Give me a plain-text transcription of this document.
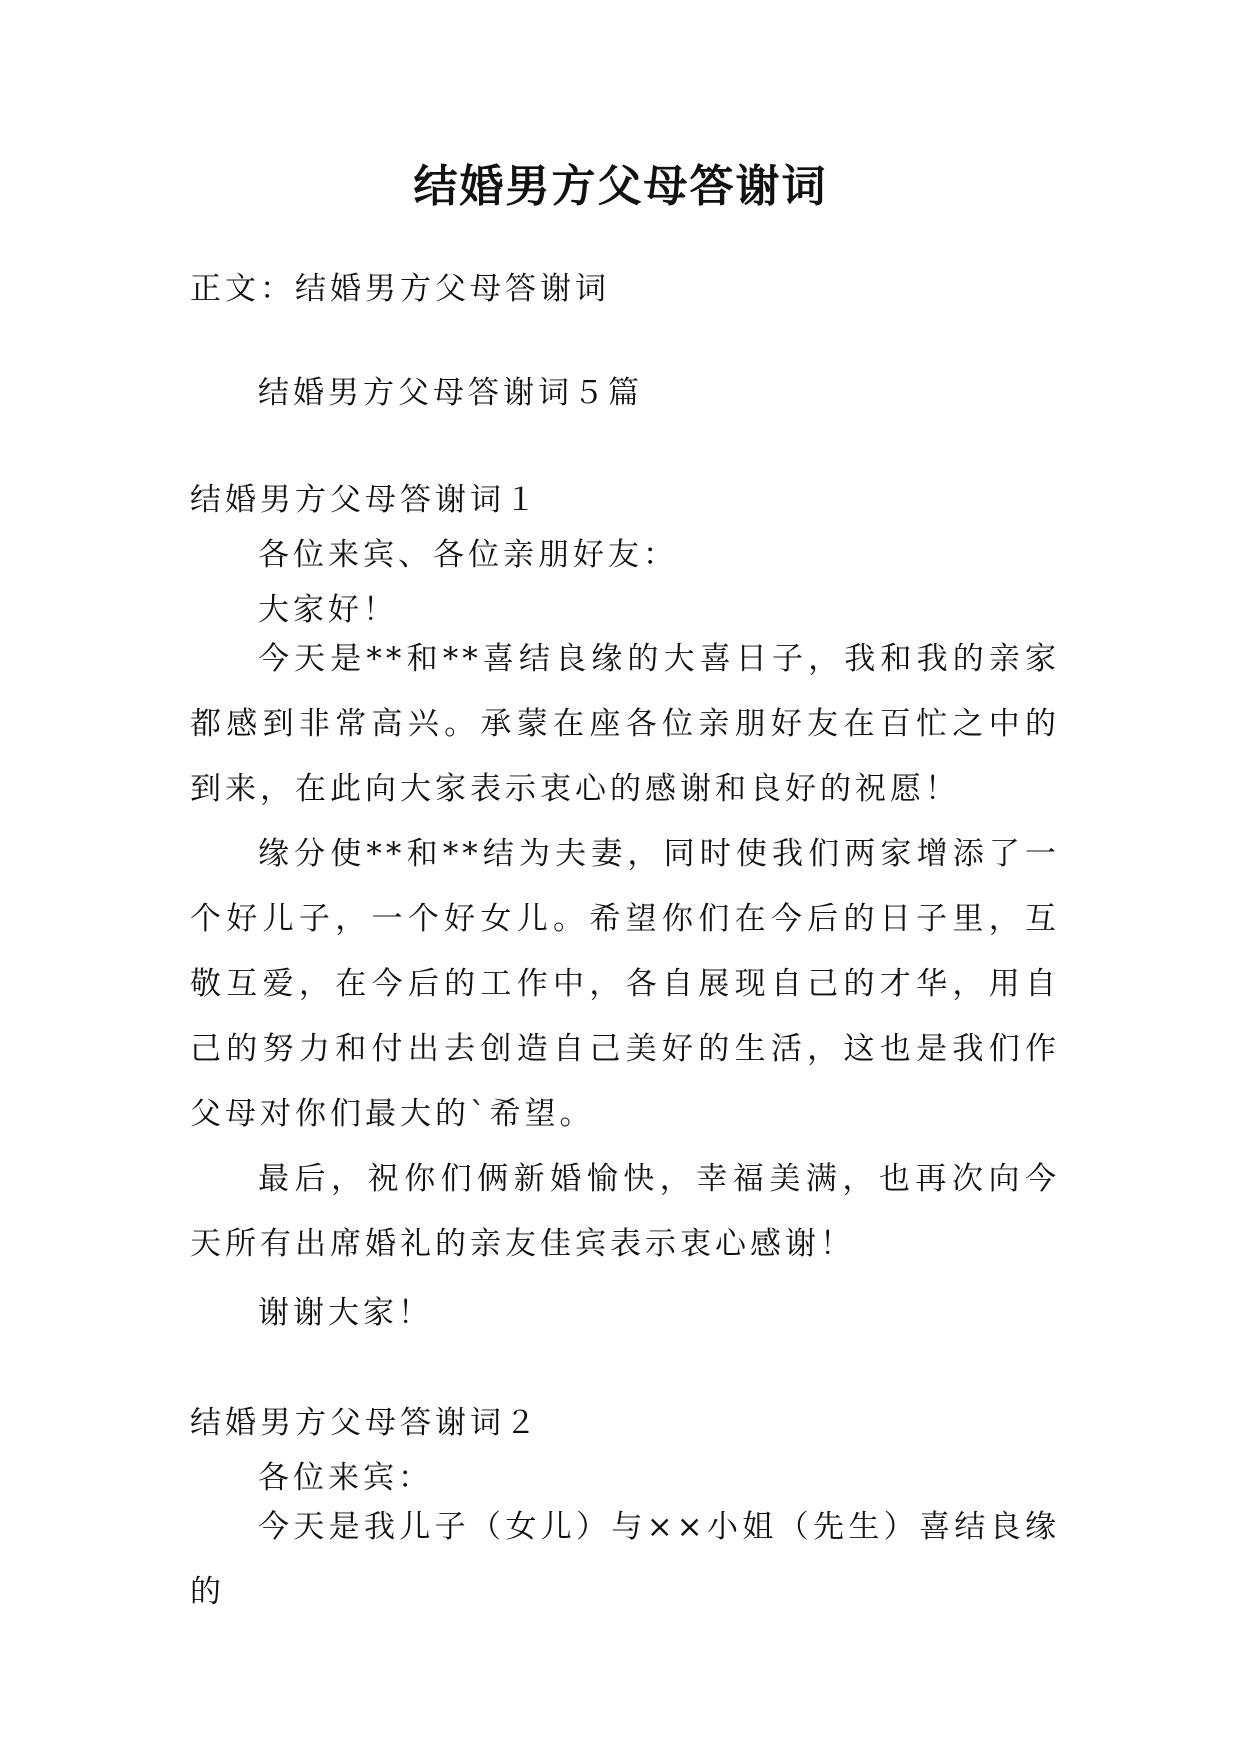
结婚男方父母答谢词
正文：结婚男方父母答谢词
结婚男方父母答谢词５篇
结婚男方父母答谢词１
各位来宾、各位亲朋好友：
大家好！
今天是**和**喜结良缘的大喜日子，我和我的亲家都感到非常高兴。承蒙在座各位亲朋好友在百忙之中的到来，在此向大家表示衷心的感谢和良好的祝愿！
缘分使**和**结为夫妻，同时使我们两家增添了一个好儿子，一个好女儿。希望你们在今后的日子里，互敬互爱，在今后的工作中，各自展现自己的才华，用自己的努力和付出去创造自己美好的生活，这也是我们作父母对你们最大的`希望。
最后，祝你们俩新婚愉快，幸福美满，也再次向今天所有出席婚礼的亲友佳宾表示衷心感谢！
谢谢大家！
结婚男方父母答谢词２
各位来宾：
今天是我儿子（女儿）与××小姐（先生）喜结良缘的
